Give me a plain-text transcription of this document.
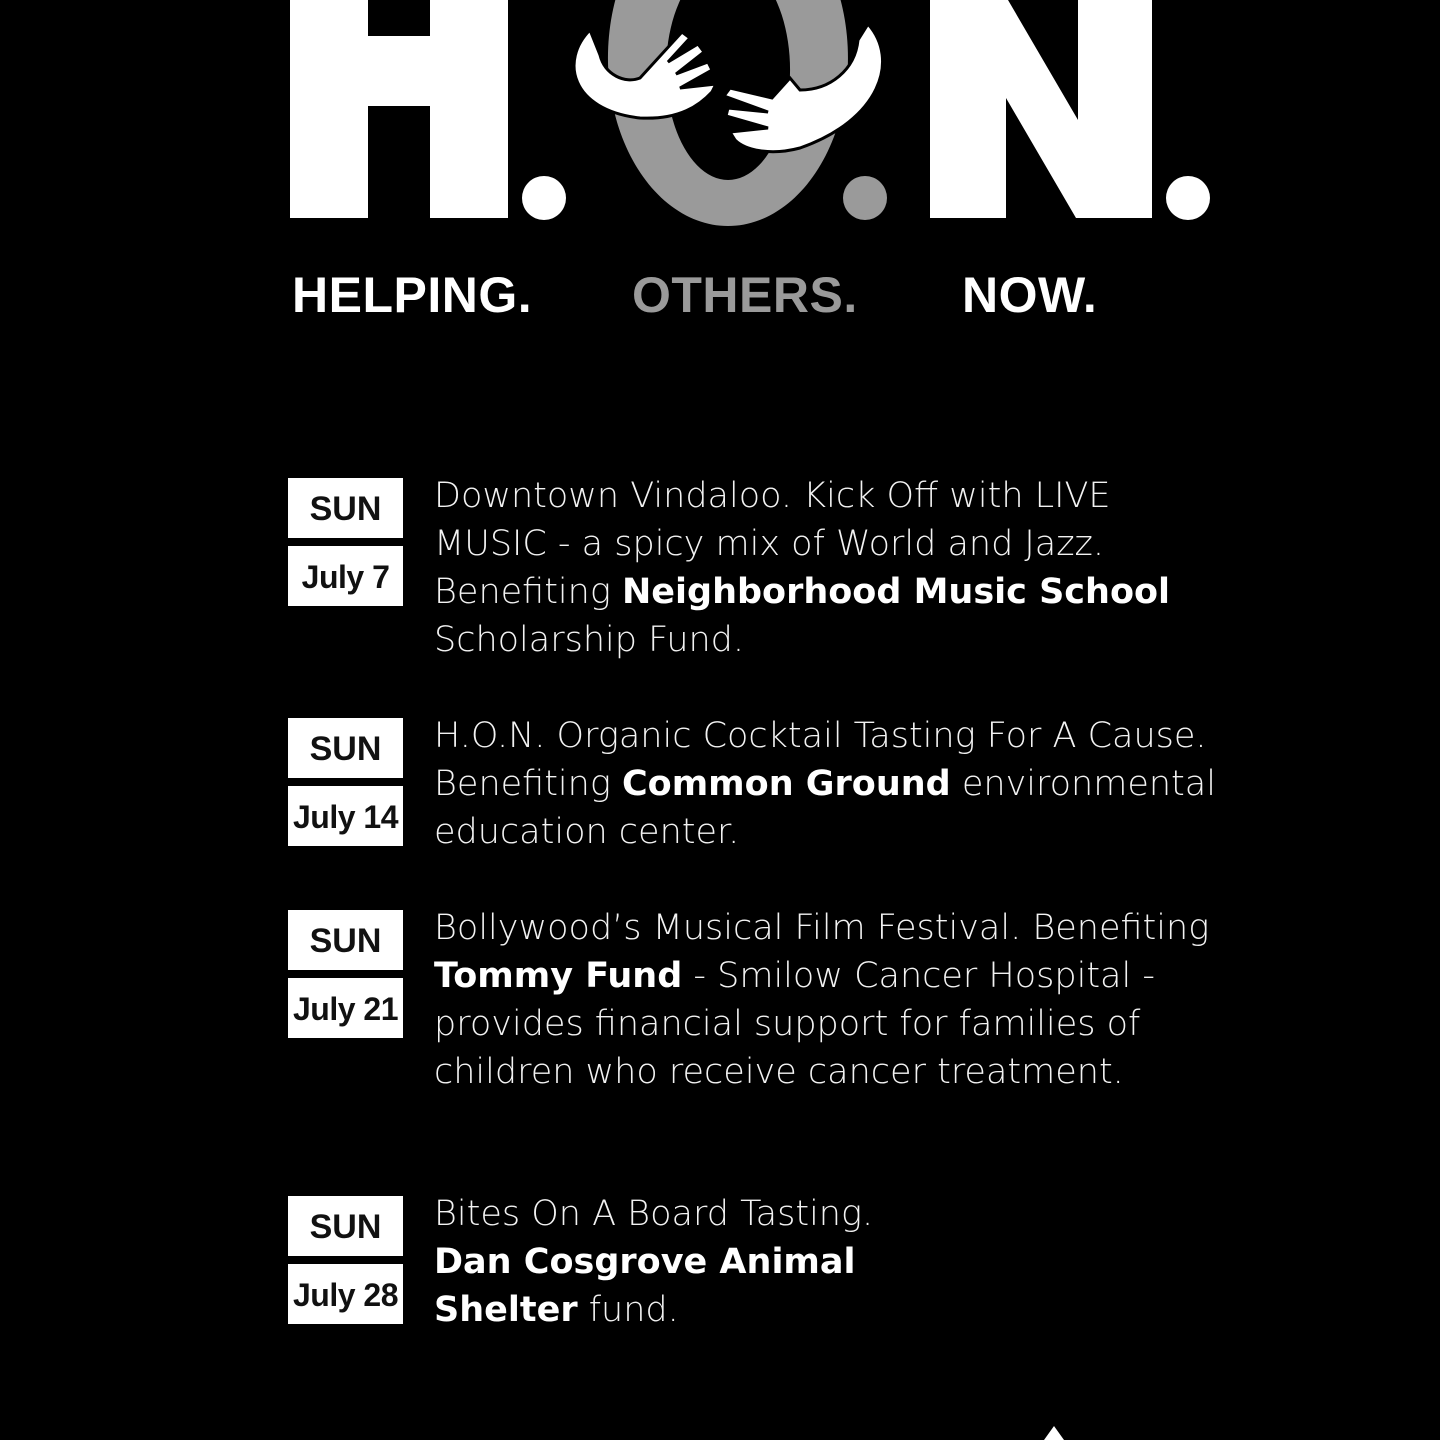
HELPING. OTHERS. NOW.
SUN
July 7
Downtown Vindaloo. Kick Off with LIVE MUSIC - a spicy mix of World and Jazz. Benefiting Neighborhood Music School Scholarship Fund.
SUN
July 14
H.O.N. Organic Cocktail Tasting For A Cause. Benefiting Common Ground environmental education center.
SUN
July 21
Bollywood’s Musical Film Festival. Benefiting Tommy Fund - Smilow Cancer Hospital - provides financial support for families of children who receive cancer treatment.
SUN
July 28
Bites On A Board Tasting. Dan Cosgrove Animal Shelter fund.
